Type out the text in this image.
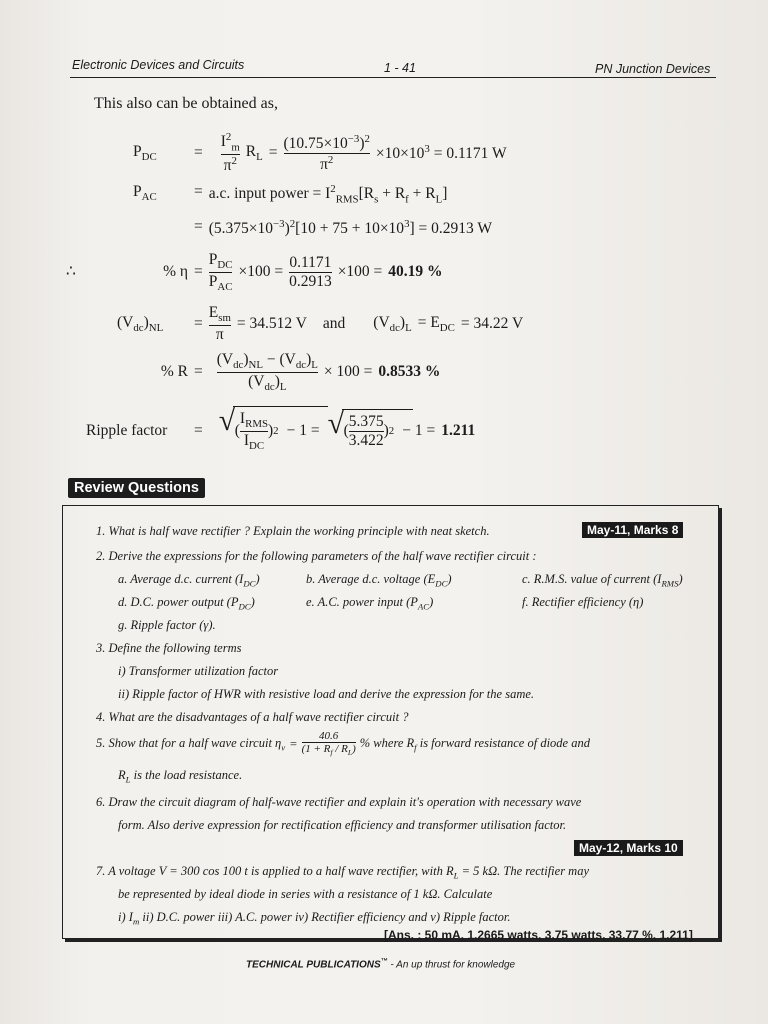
Electronic Devices and Circuits	1 - 41	PN Junction Devices
This also can be obtained as,
$P_{DC}$	= $\frac{I^2_m}{\pi^2} R_L = \frac{(10.75\times 10^{-3})^2}{\pi^2} \times 10\times 10^3 = 0.1171$ W
$P_{AC}$	= a.c. input power = $I^2_{RMS}[R_s + R_f + R_L]$
= $(5.375\times 10^{-3})^2[10 + 75 + 10\times 10^3] = 0.2913$ W
∴	% $\eta = \frac{P_{DC}}{P_{AC}} \times 100 = \frac{0.1171}{0.2913} \times 100 = 40.19$ %
$(V_{dc})_{NL}$	= $\frac{E_{sm}}{\pi} = 34.512$ V and $(V_{dc})_L = E_{DC} = 34.22$ V
% $R = \frac{(V_{dc})_{NL} - (V_{dc})_L}{(V_{dc})_L} \times 100 = 0.8533$ %
Ripple factor	= √ ( $\frac{I_{RMS}}{I_{DC}}$ ) 2 − 1 = √ ( $\frac{5.375}{3.422}$ ) 2 − 1 = 1.211
Review Questions
1. What is half wave rectifier ? Explain the working principle with neat sketch.	May-11, Marks 8
2. Derive the expressions for the following parameters of the half wave rectifier circuit :
a. Average d.c. current $(I_{DC})$	b. Average d.c. voltage $(E_{DC})$	c. R.M.S. value of current $(I_{RMS})$
d. D.C. power output $(P_{DC})$	e. A.C. power input $(P_{AC})$	f. Rectifier efficiency (η)
g. Ripple factor (γ).
3. Define the following terms
i) Transformer utilization factor
ii) Ripple factor of HWR with resistive load and derive the expression for the same.
4. What are the disadvantages of a half wave rectifier circuit ?
5. Show that for a half wave circuit $\eta_v = \frac{40.6}{(1 + R_f / R_L)}$ % where $R_f$ is forward resistance of diode and
$R_L$ is the load resistance.
6. Draw the circuit diagram of half-wave rectifier and explain it's operation with necessary wave
form. Also derive expression for rectification efficiency and transformer utilisation factor.
May-12, Marks 10
7. A voltage V = 300 cos 100 t is applied to a half wave rectifier, with $R_L = 5$ kΩ. The rectifier may
be represented by ideal diode in series with a resistance of 1 kΩ. Calculate
i) $I_m$ ii) D.C. power iii) A.C. power iv) Rectifier efficiency and v) Ripple factor.
[Ans. : 50 mA, 1.2665 watts, 3.75 watts, 33.77 %, 1.211]
TECHNICAL PUBLICATIONS™ - An up thrust for knowledge
